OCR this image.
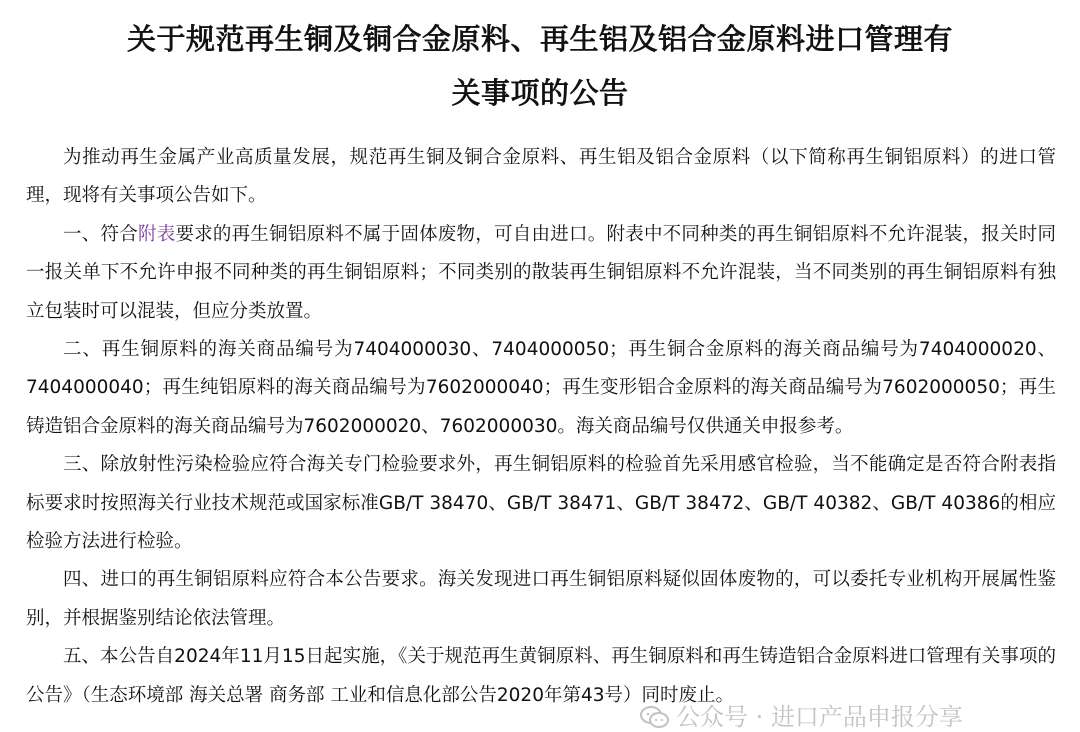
关于规范再生铜及铜合金原料、再生铝及铝合金原料进口管理有
关事项的公告

为推动再生金属产业高质量发展，规范再生铜及铜合金原料、再生铝及铝合金原料（以下简称再生铜铝原料）的进口管理，现将有关事项公告如下。

一、符合附表要求的再生铜铝原料不属于固体废物，可自由进口。附表中不同种类的再生铜铝原料不允许混装，报关时同一报关单下不允许申报不同种类的再生铜铝原料；不同类别的散装再生铜铝原料不允许混装，当不同类别的再生铜铝原料有独立包装时可以混装，但应分类放置。

二、再生铜原料的海关商品编号为7404000030、7404000050；再生铜合金原料的海关商品编号为7404000020、7404000040；再生纯铝原料的海关商品编号为7602000040；再生变形铝合金原料的海关商品编号为7602000050；再生铸造铝合金原料的海关商品编号为7602000020、7602000030。海关商品编号仅供通关申报参考。

三、除放射性污染检验应符合海关专门检验要求外，再生铜铝原料的检验首先采用感官检验，当不能确定是否符合附表指标要求时按照海关行业技术规范或国家标准GB/T 38470、GB/T 38471、GB/T 38472、GB/T 40382、GB/T 40386的相应检验方法进行检验。

四、进口的再生铜铝原料应符合本公告要求。海关发现进口再生铜铝原料疑似固体废物的，可以委托专业机构开展属性鉴别，并根据鉴别结论依法管理。

五、本公告自2024年11月15日起实施，《关于规范再生黄铜原料、再生铜原料和再生铸造铝合金原料进口管理有关事项的公告》（生态环境部 海关总署 商务部 工业和信息化部公告2020年第43号）同时废止。

公众号 · 进口产品申报分享
